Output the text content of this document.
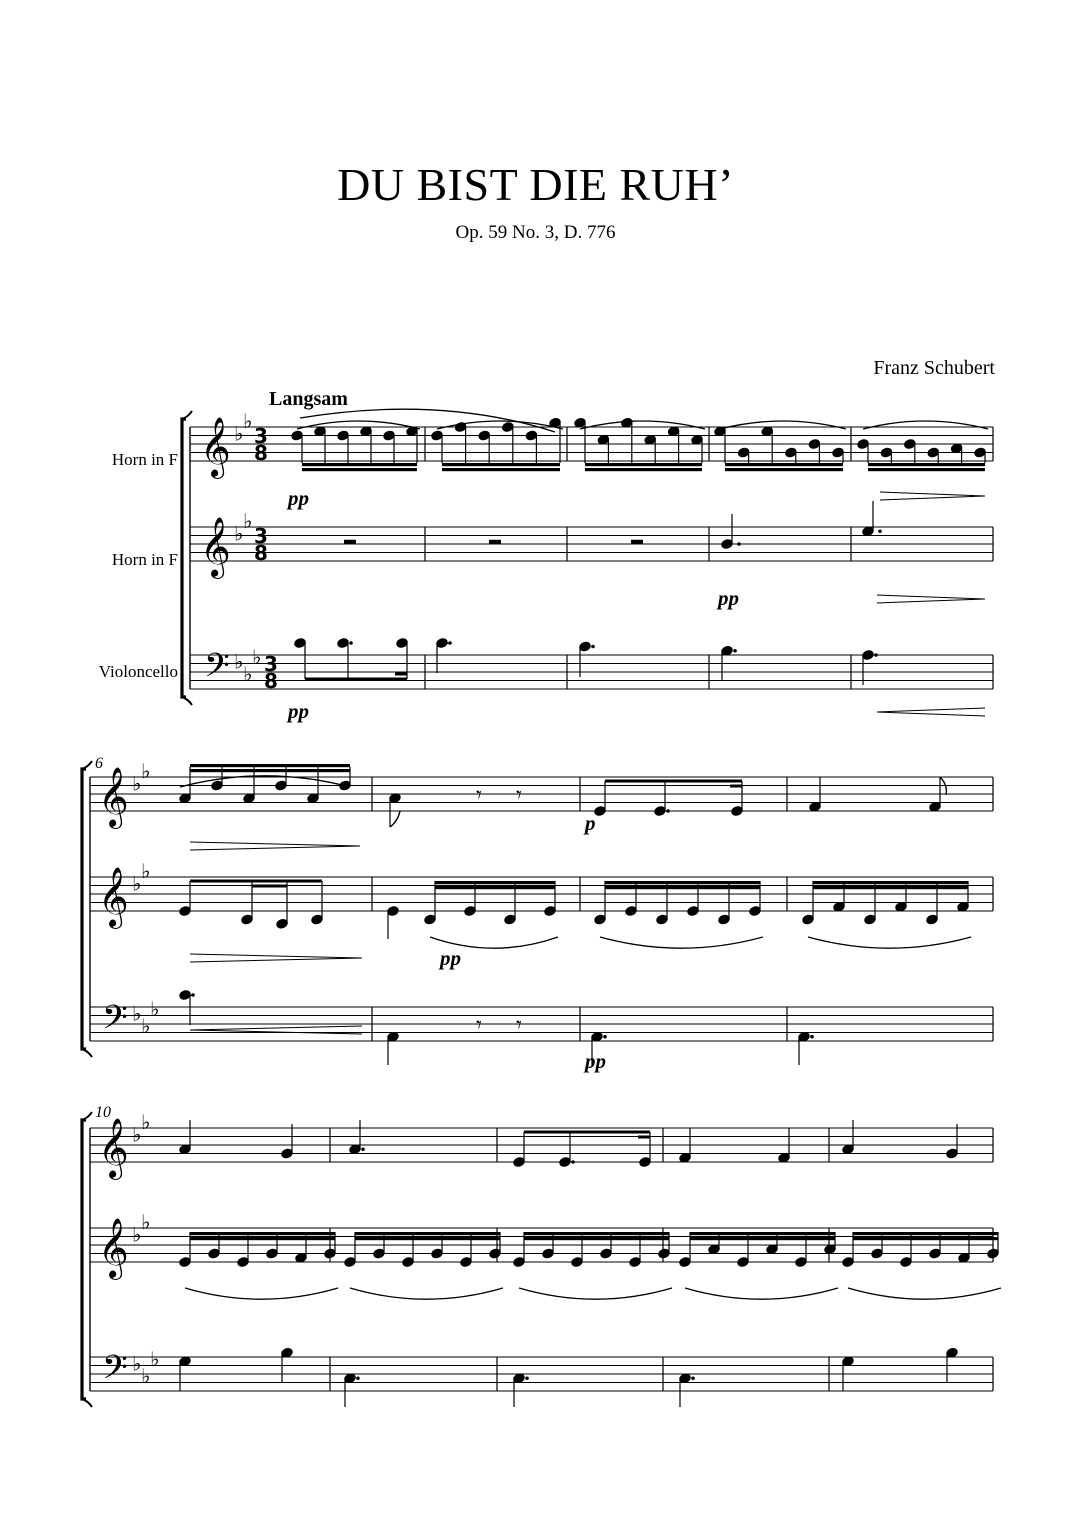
DU BIST DIE RUH’
Op. 59 No. 3, D. 776
Franz Schubert
Langsam
Horn in F
Horn in F
Violoncello
6
10
𝄞
𝄞
𝄢
♭
♭
♭
♭
♭
♭
♭
3
8
3
8
3
8
𝄞
𝄞
𝄢
♭
♭
♭
♭
♭
♭
♭
𝄞
𝄞
𝄢
♭
♭
♭
♭
♭
♭
♭
pp
pp
pp
𝄾 𝄾
p
pp
𝄾 𝄾
pp
